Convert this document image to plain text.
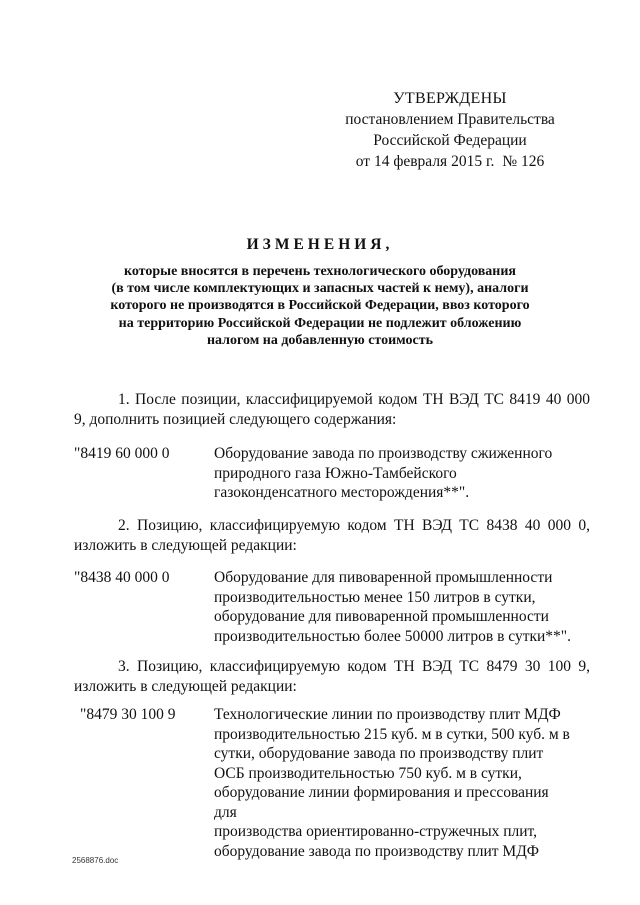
УТВЕРЖДЕНЫ
постановлением Правительства
Российской Федерации
от 14 февраля 2015 г. № 126
ИЗМЕНЕНИЯ,
которые вносятся в перечень технологического оборудования
(в том числе комплектующих и запасных частей к нему), аналоги
которого не производятся в Российской Федерации, ввоз которого
на территорию Российской Федерации не подлежит обложению
налогом на добавленную стоимость
1. После позиции, классифицируемой кодом ТН ВЭД ТС 8419 40 000 9, дополнить позицией следующего содержания:
"8419 60 000 0	Оборудование завода по производству сжиженного
природного газа Южно-Тамбейского
газоконденсатного месторождения**".
2. Позицию, классифицируемую кодом ТН ВЭД ТС 8438 40 000 0, изложить в следующей редакции:
"8438 40 000 0	Оборудование для пивоваренной промышленности
производительностью менее 150 литров в сутки,
оборудование для пивоваренной промышленности
производительностью более 50000 литров в сутки**".
3. Позицию, классифицируемую кодом ТН ВЭД ТС 8479 30 100 9, изложить в следующей редакции:
"8479 30 100 9	Технологические линии по производству плит МДФ
производительностью 215 куб. м в сутки, 500 куб. м в
сутки, оборудование завода по производству плит
ОСБ производительностью 750 куб. м в сутки,
оборудование линии формирования и прессования для
производства ориентированно-стружечных плит,
оборудование завода по производству плит МДФ
2568876.doc
